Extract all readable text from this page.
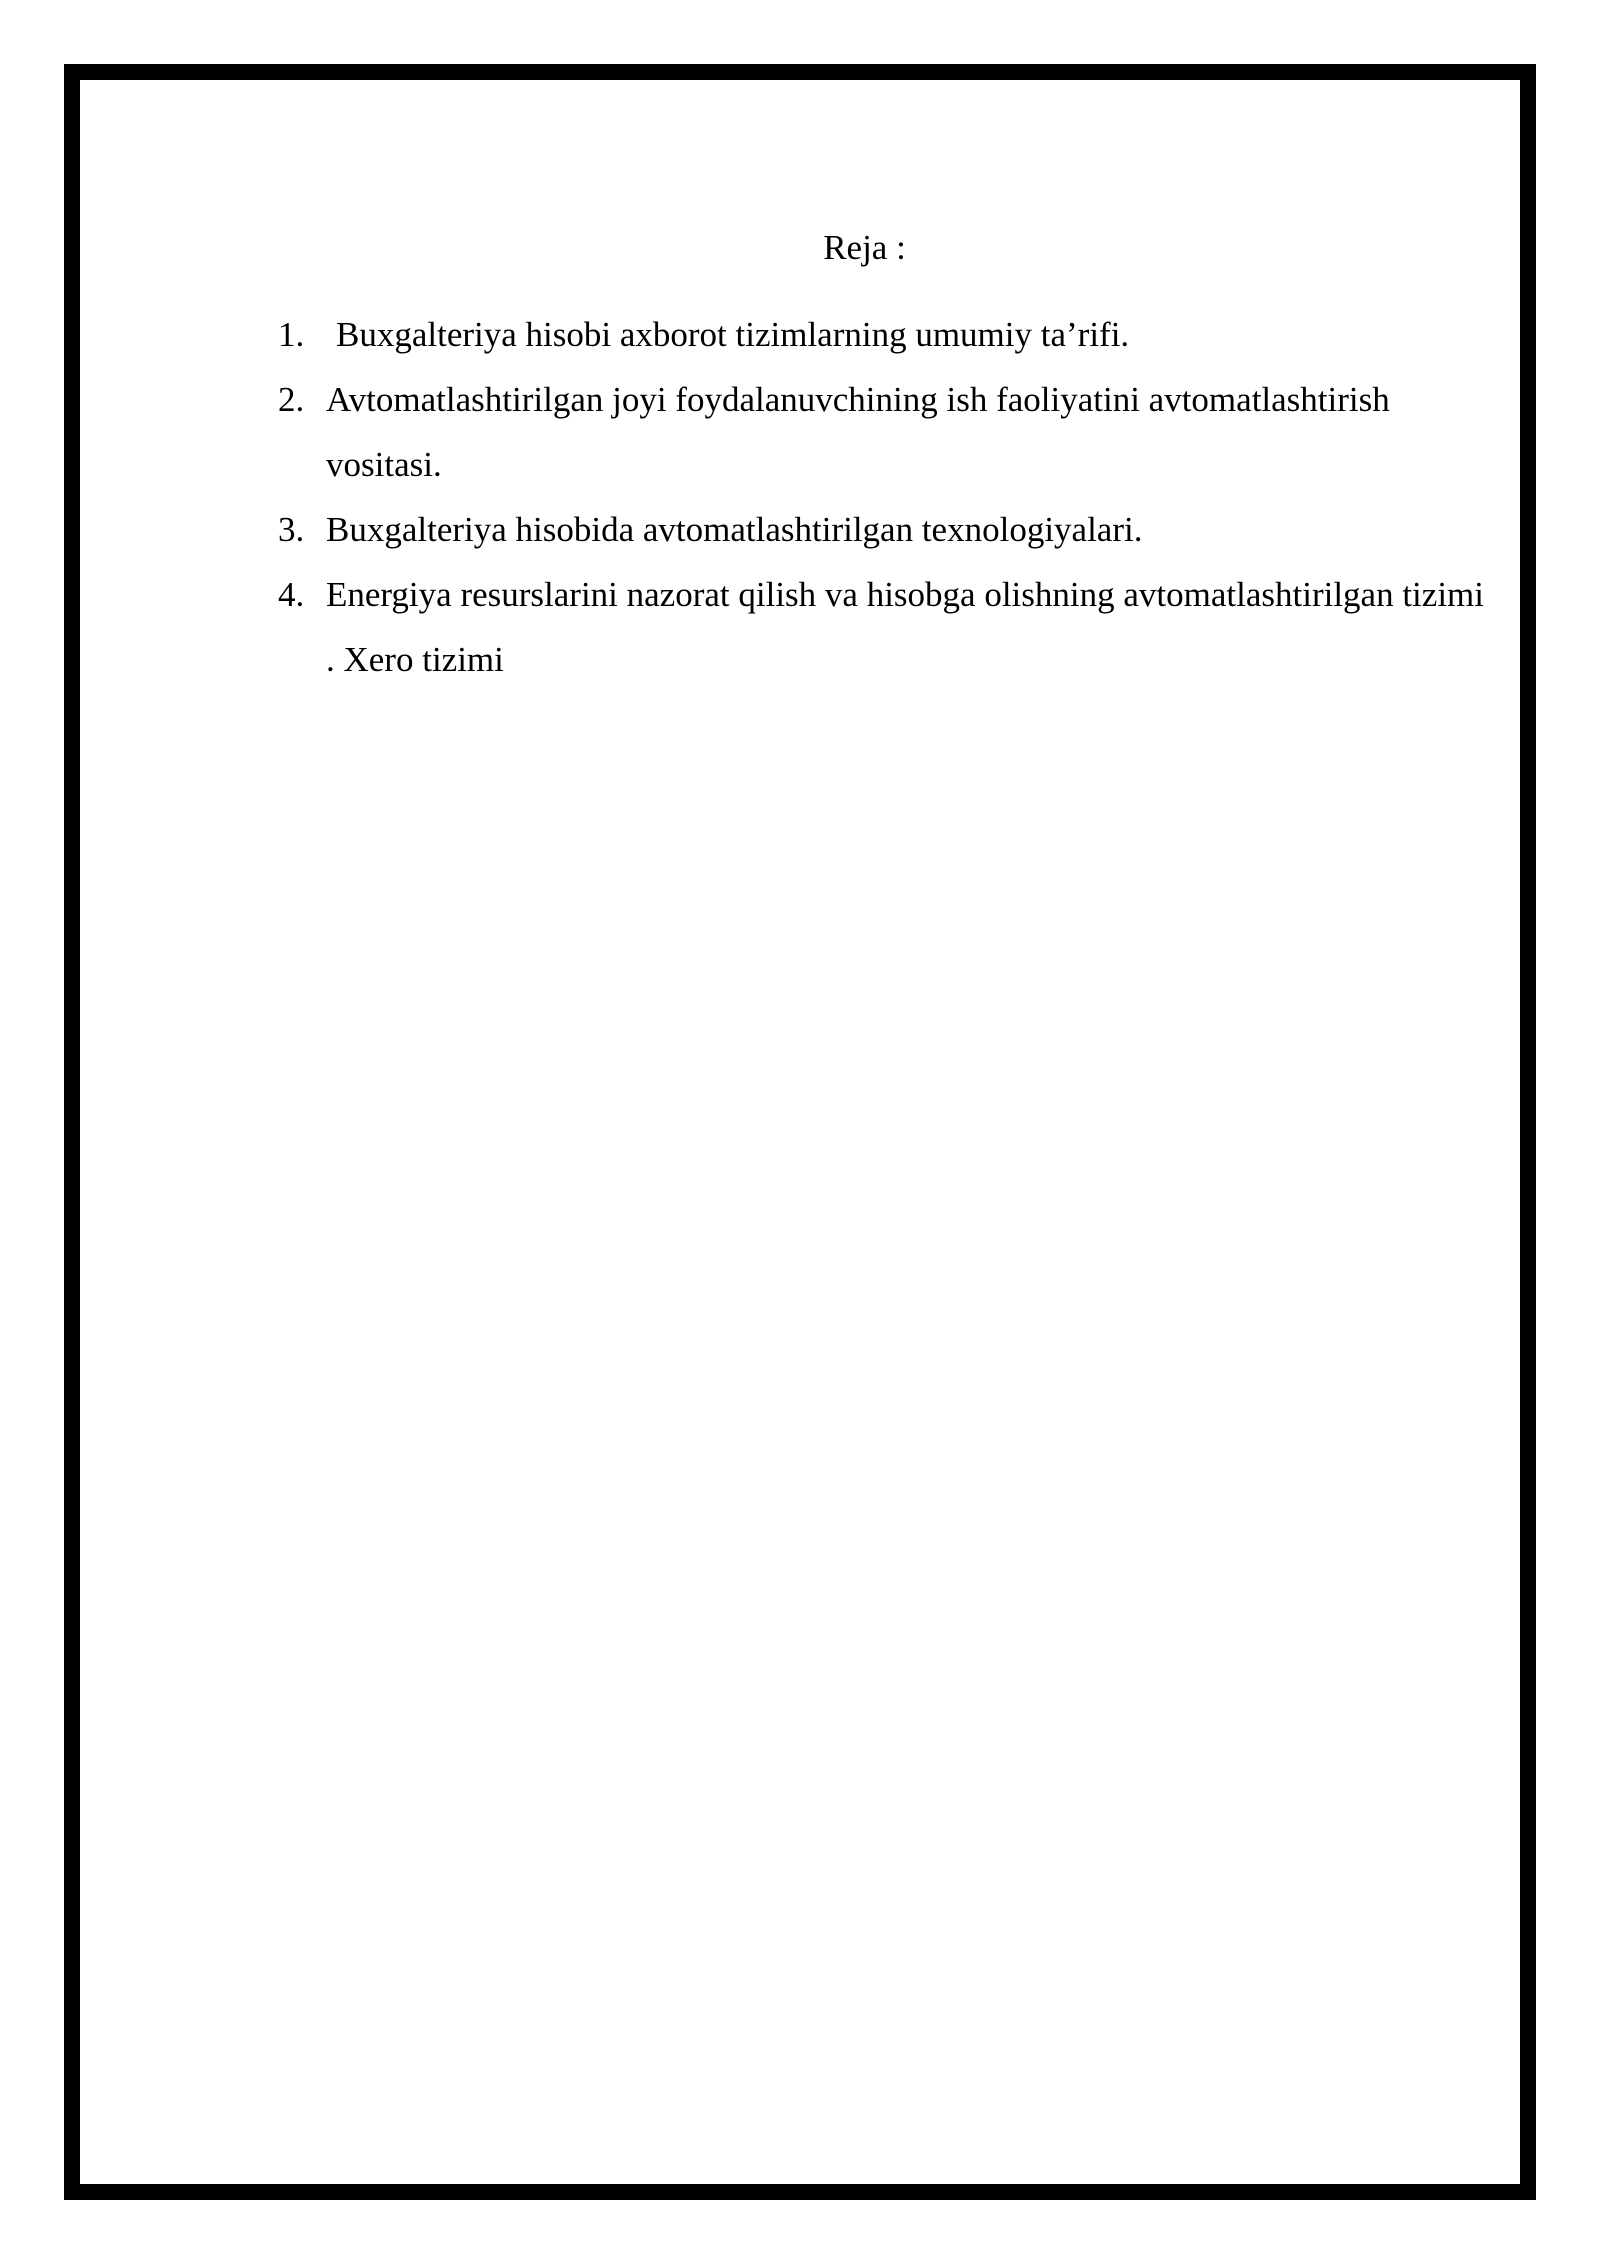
Reja :
1. Buxgalteriya hisobi axborot tizimlarning umumiy ta’rifi.
2. Avtomatlashtirilgan joyi foydalanuvchining ish faoliyatini avtomatlashtirish vositasi.
3. Buxgalteriya hisobida avtomatlashtirilgan texnologiyalari.
4. Energiya resurslarini nazorat qilish va hisobga olishning avtomatlashtirilgan tizimi . Xero tizimi
